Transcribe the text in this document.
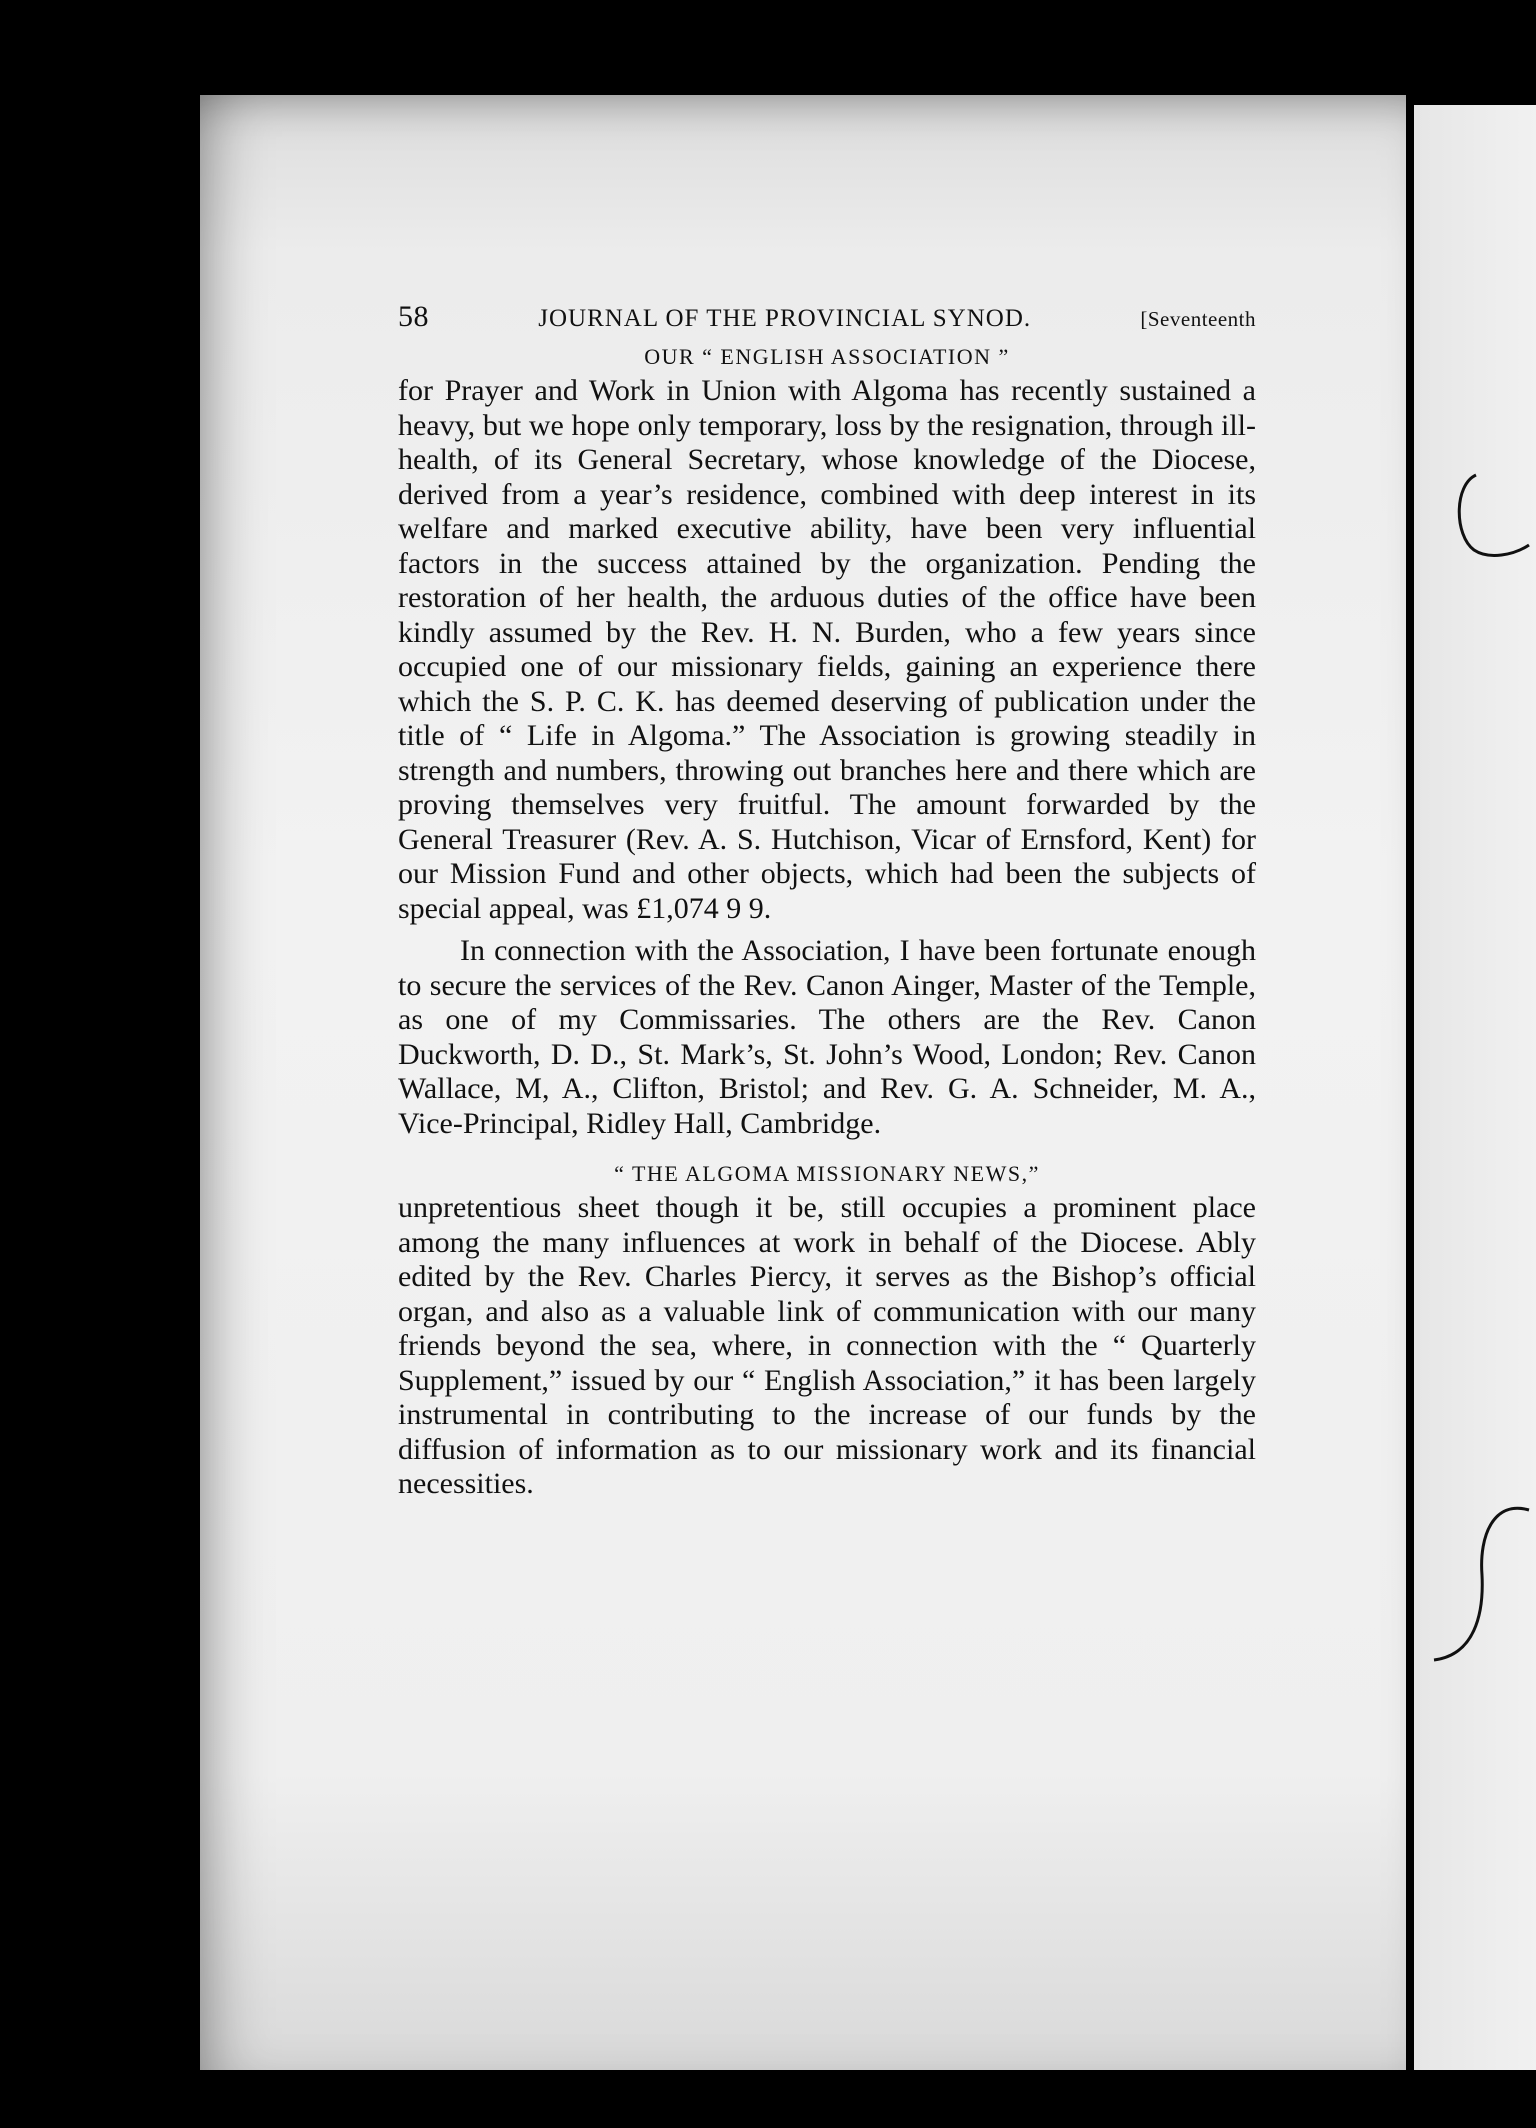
58	JOURNAL OF THE PROVINCIAL SYNOD.	[Seventeenth
OUR “ ENGLISH ASSOCIATION ”

for Prayer and Work in Union with Algoma has recently sustained a heavy, but we hope only temporary, loss by the resignation, through ill-health, of its General Secretary, whose knowledge of the Diocese, derived from a year’s residence, combined with deep interest in its welfare and marked executive ability, have been very influential factors in the success attained by the organization. Pending the restoration of her health, the arduous duties of the office have been kindly assumed by the Rev. H. N. Burden, who a few years since occupied one of our missionary fields, gaining an experience there which the S. P. C. K. has deemed deserving of publication under the title of “ Life in Algoma.” The Association is growing steadily in strength and numbers, throwing out branches here and there which are proving themselves very fruitful. The amount forwarded by the General Treasurer (Rev. A. S. Hutchison, Vicar of Ernsford, Kent) for our Mission Fund and other objects, which had been the subjects of special appeal, was £1,074 9 9.

In connection with the Association, I have been fortunate enough to secure the services of the Rev. Canon Ainger, Master of the Temple, as one of my Commissaries. The others are the Rev. Canon Duckworth, D. D., St. Mark’s, St. John’s Wood, London; Rev. Canon Wallace, M, A., Clifton, Bristol; and Rev. G. A. Schneider, M. A., Vice-Principal, Ridley Hall, Cambridge.

“ THE ALGOMA MISSIONARY NEWS,”

unpretentious sheet though it be, still occupies a prominent place among the many influences at work in behalf of the Diocese. Ably edited by the Rev. Charles Piercy, it serves as the Bishop’s official organ, and also as a valuable link of communication with our many friends beyond the sea, where, in connection with the “ Quarterly Supplement,” issued by our “ English Association,” it has been largely instrumental in contributing to the increase of our funds by the diffusion of information as to our missionary work and its financial necessities.
